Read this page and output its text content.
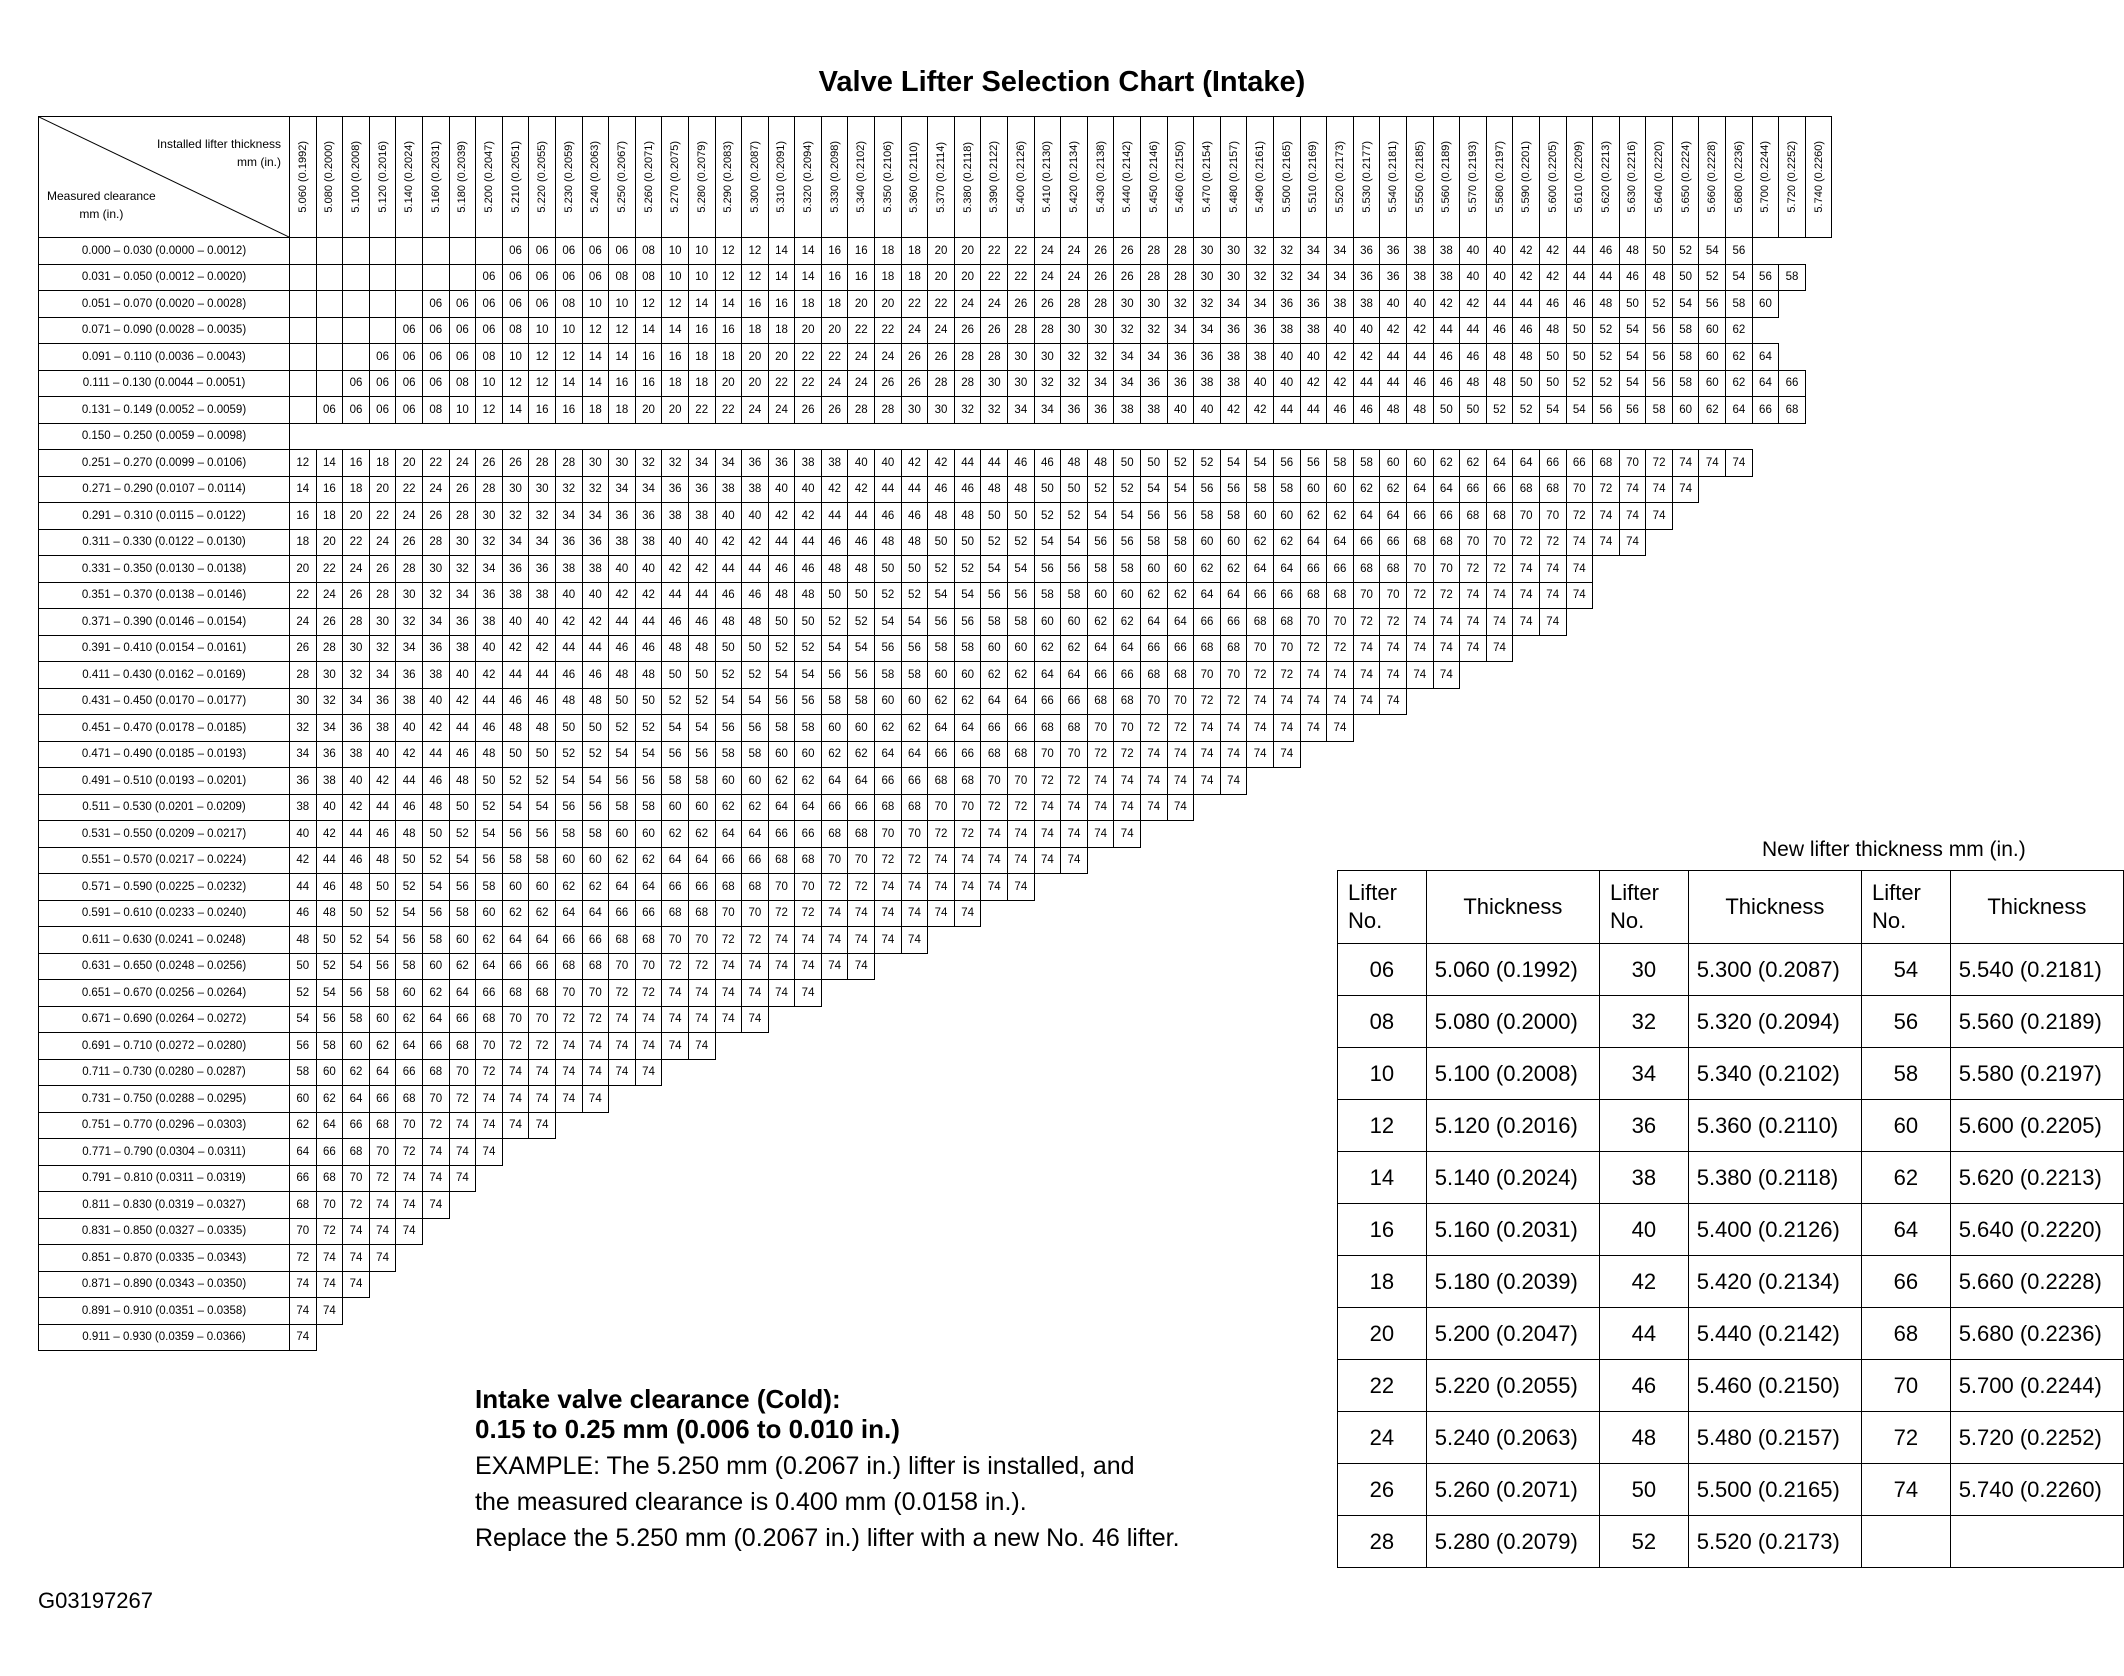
Valve Lifter Selection Chart (Intake)
Installed lifter thickness
mm (in.)
Measured clearance
mm (in.)	5.060 (0.1992)	5.080 (0.2000)	5.100 (0.2008)	5.120 (0.2016)	5.140 (0.2024)	5.160 (0.2031)	5.180 (0.2039)	5.200 (0.2047)	5.210 (0.2051)	5.220 (0.2055)	5.230 (0.2059)	5.240 (0.2063)	5.250 (0.2067)	5.260 (0.2071)	5.270 (0.2075)	5.280 (0.2079)	5.290 (0.2083)	5.300 (0.2087)	5.310 (0.2091)	5.320 (0.2094)	5.330 (0.2098)	5.340 (0.2102)	5.350 (0.2106)	5.360 (0.2110)	5.370 (0.2114)	5.380 (0.2118)	5.390 (0.2122)	5.400 (0.2126)	5.410 (0.2130)	5.420 (0.2134)	5.430 (0.2138)	5.440 (0.2142)	5.450 (0.2146)	5.460 (0.2150)	5.470 (0.2154)	5.480 (0.2157)	5.490 (0.2161)	5.500 (0.2165)	5.510 (0.2169)	5.520 (0.2173)	5.530 (0.2177)	5.540 (0.2181)	5.550 (0.2185)	5.560 (0.2189)	5.570 (0.2193)	5.580 (0.2197)	5.590 (0.2201)	5.600 (0.2205)	5.610 (0.2209)	5.620 (0.2213)	5.630 (0.2216)	5.640 (0.2220)	5.650 (0.2224)	5.660 (0.2228)	5.680 (0.2236)	5.700 (0.2244)	5.720 (0.2252)	5.740 (0.2260)

0.000 – 0.030 (0.0000 – 0.0012)									06	06	06	06	06	08	10	10	12	12	14	14	16	16	18	18	20	20	22	22	24	24	26	26	28	28	30	30	32	32	34	34	36	36	38	38	40	40	42	42	44	46	48	50	52	54	56			
0.031 – 0.050 (0.0012 – 0.0020)								06	06	06	06	06	08	08	10	10	12	12	14	14	16	16	18	18	20	20	22	22	24	24	26	26	28	28	30	30	32	32	34	34	36	36	38	38	40	40	42	42	44	44	46	48	50	52	54	56	58	
0.051 – 0.070 (0.0020 – 0.0028)						06	06	06	06	06	08	10	10	12	12	14	14	16	16	18	18	20	20	22	22	24	24	26	26	28	28	30	30	32	32	34	34	36	36	38	38	40	40	42	42	44	44	46	46	48	50	52	54	56	58	60		
0.071 – 0.090 (0.0028 – 0.0035)					06	06	06	06	08	10	10	12	12	14	14	16	16	18	18	20	20	22	22	24	24	26	26	28	28	30	30	32	32	34	34	36	36	38	38	40	40	42	42	44	44	46	46	48	50	52	54	56	58	60	62			
0.091 – 0.110 (0.0036 – 0.0043)				06	06	06	06	08	10	12	12	14	14	16	16	18	18	20	20	22	22	24	24	26	26	28	28	30	30	32	32	34	34	36	36	38	38	40	40	42	42	44	44	46	46	48	48	50	50	52	54	56	58	60	62	64		
0.111 – 0.130 (0.0044 – 0.0051)			06	06	06	06	08	10	12	12	14	14	16	16	18	18	20	20	22	22	24	24	26	26	28	28	30	30	32	32	34	34	36	36	38	38	40	40	42	42	44	44	46	46	48	48	50	50	52	52	54	56	58	60	62	64	66	
0.131 – 0.149 (0.0052 – 0.0059)		06	06	06	06	08	10	12	14	16	16	18	18	20	20	22	22	24	24	26	26	28	28	30	30	32	32	34	34	36	36	38	38	40	40	42	42	44	44	46	46	48	48	50	50	52	52	54	54	56	56	58	60	62	64	66	68	
0.150 – 0.250 (0.0059 – 0.0098)																																																										
0.251 – 0.270 (0.0099 – 0.0106)	12	14	16	18	20	22	24	26	26	28	28	30	30	32	32	34	34	36	36	38	38	40	40	42	42	44	44	46	46	48	48	50	50	52	52	54	54	56	56	58	58	60	60	62	62	64	64	66	66	68	70	72	74	74	74			
0.271 – 0.290 (0.0107 – 0.0114)	14	16	18	20	22	24	26	28	30	30	32	32	34	34	36	36	38	38	40	40	42	42	44	44	46	46	48	48	50	50	52	52	54	54	56	56	58	58	60	60	62	62	64	64	66	66	68	68	70	72	74	74	74					
0.291 – 0.310 (0.0115 – 0.0122)	16	18	20	22	24	26	28	30	32	32	34	34	36	36	38	38	40	40	42	42	44	44	46	46	48	48	50	50	52	52	54	54	56	56	58	58	60	60	62	62	64	64	66	66	68	68	70	70	72	74	74	74						
0.311 – 0.330 (0.0122 – 0.0130)	18	20	22	24	26	28	30	32	34	34	36	36	38	38	40	40	42	42	44	44	46	46	48	48	50	50	52	52	54	54	56	56	58	58	60	60	62	62	64	64	66	66	68	68	70	70	72	72	74	74	74							
0.331 – 0.350 (0.0130 – 0.0138)	20	22	24	26	28	30	32	34	36	36	38	38	40	40	42	42	44	44	46	46	48	48	50	50	52	52	54	54	56	56	58	58	60	60	62	62	64	64	66	66	68	68	70	70	72	72	74	74	74									
0.351 – 0.370 (0.0138 – 0.0146)	22	24	26	28	30	32	34	36	38	38	40	40	42	42	44	44	46	46	48	48	50	50	52	52	54	54	56	56	58	58	60	60	62	62	64	64	66	66	68	68	70	70	72	72	74	74	74	74	74									
0.371 – 0.390 (0.0146 – 0.0154)	24	26	28	30	32	34	36	38	40	40	42	42	44	44	46	46	48	48	50	50	52	52	54	54	56	56	58	58	60	60	62	62	64	64	66	66	68	68	70	70	72	72	74	74	74	74	74	74										
0.391 – 0.410 (0.0154 – 0.0161)	26	28	30	32	34	36	38	40	42	42	44	44	46	46	48	48	50	50	52	52	54	54	56	56	58	58	60	60	62	62	64	64	66	66	68	68	70	70	72	72	74	74	74	74	74	74												
0.411 – 0.430 (0.0162 – 0.0169)	28	30	32	34	36	38	40	42	44	44	46	46	48	48	50	50	52	52	54	54	56	56	58	58	60	60	62	62	64	64	66	66	68	68	70	70	72	72	74	74	74	74	74	74														
0.431 – 0.450 (0.0170 – 0.0177)	30	32	34	36	38	40	42	44	46	46	48	48	50	50	52	52	54	54	56	56	58	58	60	60	62	62	64	64	66	66	68	68	70	70	72	72	74	74	74	74	74	74																
0.451 – 0.470 (0.0178 – 0.0185)	32	34	36	38	40	42	44	46	48	48	50	50	52	52	54	54	56	56	58	58	60	60	62	62	64	64	66	66	68	68	70	70	72	72	74	74	74	74	74	74																		
0.471 – 0.490 (0.0185 – 0.0193)	34	36	38	40	42	44	46	48	50	50	52	52	54	54	56	56	58	58	60	60	62	62	64	64	66	66	68	68	70	70	72	72	74	74	74	74	74	74																				
0.491 – 0.510 (0.0193 – 0.0201)	36	38	40	42	44	46	48	50	52	52	54	54	56	56	58	58	60	60	62	62	64	64	66	66	68	68	70	70	72	72	74	74	74	74	74	74																						
0.511 – 0.530 (0.0201 – 0.0209)	38	40	42	44	46	48	50	52	54	54	56	56	58	58	60	60	62	62	64	64	66	66	68	68	70	70	72	72	74	74	74	74	74	74																								
0.531 – 0.550 (0.0209 – 0.0217)	40	42	44	46	48	50	52	54	56	56	58	58	60	60	62	62	64	64	66	66	68	68	70	70	72	72	74	74	74	74	74	74																										
0.551 – 0.570 (0.0217 – 0.0224)	42	44	46	48	50	52	54	56	58	58	60	60	62	62	64	64	66	66	68	68	70	70	72	72	74	74	74	74	74	74																												
0.571 – 0.590 (0.0225 – 0.0232)	44	46	48	50	52	54	56	58	60	60	62	62	64	64	66	66	68	68	70	70	72	72	74	74	74	74	74	74																														
0.591 – 0.610 (0.0233 – 0.0240)	46	48	50	52	54	56	58	60	62	62	64	64	66	66	68	68	70	70	72	72	74	74	74	74	74	74																																
0.611 – 0.630 (0.0241 – 0.0248)	48	50	52	54	56	58	60	62	64	64	66	66	68	68	70	70	72	72	74	74	74	74	74	74																																		
0.631 – 0.650 (0.0248 – 0.0256)	50	52	54	56	58	60	62	64	66	66	68	68	70	70	72	72	74	74	74	74	74	74																																				
0.651 – 0.670 (0.0256 – 0.0264)	52	54	56	58	60	62	64	66	68	68	70	70	72	72	74	74	74	74	74	74																																						
0.671 – 0.690 (0.0264 – 0.0272)	54	56	58	60	62	64	66	68	70	70	72	72	74	74	74	74	74	74																																								
0.691 – 0.710 (0.0272 – 0.0280)	56	58	60	62	64	66	68	70	72	72	74	74	74	74	74	74																																										
0.711 – 0.730 (0.0280 – 0.0287)	58	60	62	64	66	68	70	72	74	74	74	74	74	74																																												
0.731 – 0.750 (0.0288 – 0.0295)	60	62	64	66	68	70	72	74	74	74	74	74																																														
0.751 – 0.770 (0.0296 – 0.0303)	62	64	66	68	70	72	74	74	74	74																																																
0.771 – 0.790 (0.0304 – 0.0311)	64	66	68	70	72	74	74	74																																																		
0.791 – 0.810 (0.0311 – 0.0319)	66	68	70	72	74	74	74																																																			
0.811 – 0.830 (0.0319 – 0.0327)	68	70	72	74	74	74																																																				
0.831 – 0.850 (0.0327 – 0.0335)	70	72	74	74	74																																																					
0.851 – 0.870 (0.0335 – 0.0343)	72	74	74	74																																																						
0.871 – 0.890 (0.0343 – 0.0350)	74	74	74																																																							
0.891 – 0.910 (0.0351 – 0.0358)	74	74																																																								
0.911 – 0.930 (0.0359 – 0.0366)	74																																																									
New lifter thickness mm (in.)
Lifter No.	Thickness	Lifter No.	Thickness	Lifter No.	Thickness
06	5.060 (0.1992)	30	5.300 (0.2087)	54	5.540 (0.2181)
08	5.080 (0.2000)	32	5.320 (0.2094)	56	5.560 (0.2189)
10	5.100 (0.2008)	34	5.340 (0.2102)	58	5.580 (0.2197)
12	5.120 (0.2016)	36	5.360 (0.2110)	60	5.600 (0.2205)
14	5.140 (0.2024)	38	5.380 (0.2118)	62	5.620 (0.2213)
16	5.160 (0.2031)	40	5.400 (0.2126)	64	5.640 (0.2220)
18	5.180 (0.2039)	42	5.420 (0.2134)	66	5.660 (0.2228)
20	5.200 (0.2047)	44	5.440 (0.2142)	68	5.680 (0.2236)
22	5.220 (0.2055)	46	5.460 (0.2150)	70	5.700 (0.2244)
24	5.240 (0.2063)	48	5.480 (0.2157)	72	5.720 (0.2252)
26	5.260 (0.2071)	50	5.500 (0.2165)	74	5.740 (0.2260)
28	5.280 (0.2079)	52	5.520 (0.2173)		
Intake valve clearance (Cold):
0.15 to 0.25 mm (0.006 to 0.010 in.)
EXAMPLE: The 5.250 mm (0.2067 in.) lifter is installed, and
the measured clearance is 0.400 mm (0.0158 in.).
Replace the 5.250 mm (0.2067 in.) lifter with a new No. 46 lifter.
G03197267
